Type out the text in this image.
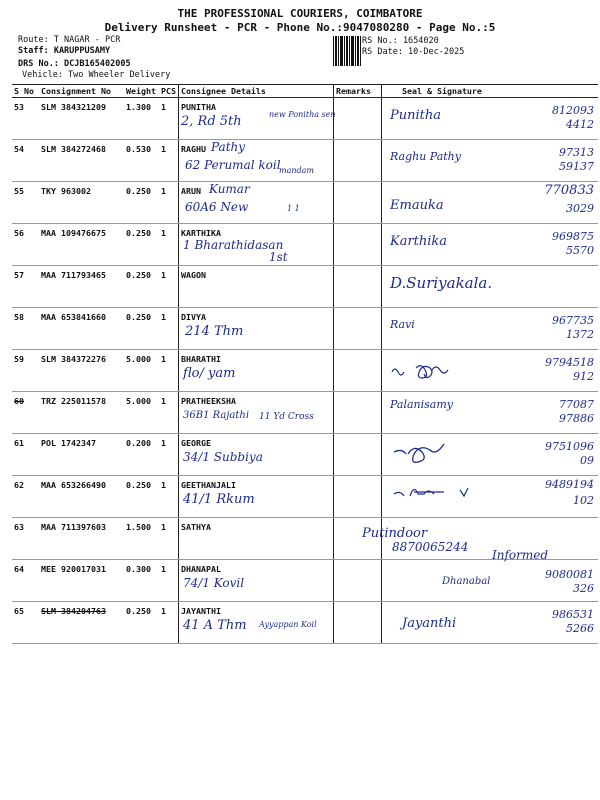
THE PROFESSIONAL COURIERS, COIMBATORE
Delivery Runsheet - PCR - Phone No.:9047080280 - Page No.:5
Route: T NAGAR - PCR
Staff: KARUPPUSAMY
DRS No.: DCJB165402005
Vehicle: Two Wheeler Delivery
RS No.: 1654020
RS Date: 10-Dec-2025
S No	Consignment No	Weight	PCS	Consignee Details	Remarks	Seal & Signature
53	SLM 384321209	1.300	1	PUNITHA
2, Rd 5th new Ponitha sen		Punitha 812093
4412

54	SLM 384272468	0.530	1	RAGHU Pathy
62 Perumal koil
mandam		Raghu Pathy 97313
59137

55	TKY 963002	0.250	1	ARUN Kumar
60A6 New 1 1		Emauka
770833
3029

56	MAA 109476675	0.250	1	KARTHIKA
1 Bharathidasan
1st		Karthika 969875
5570

57	MAA 711793465	0.250	1	WAGON		D.Suriyakala.

58	MAA 653841660	0.250	1	DIVYA
214 Thm		Ravi 967735
1372

59	SLM 384372276	5.000	1	BHARATHI
flo/ yam		9794518
912

60	TRZ 225011578	5.000	1	PRATHEEKSHA
36B1 Rajathi 11 Yd Cross		Palanisamy 77087
97886

61	POL 1742347	0.200	1	GEORGE
34/1 Subbiya		9751096
09

62	MAA 653266490	0.250	1	GEETHANJALI
41/1 Rkum		9489194
102

63	MAA 711397603	1.500	1	SATHYA		Putindoor
8870065244
Informed

64	MEE 920017031	0.300	1	DHANAPAL
74/1 Kovil		Dhanabal
9080081
326

65	SLM 384204763	0.250	1	JAYANTHI
41 A Thm Ayyappan Koil		Jayanthi
986531
5266
